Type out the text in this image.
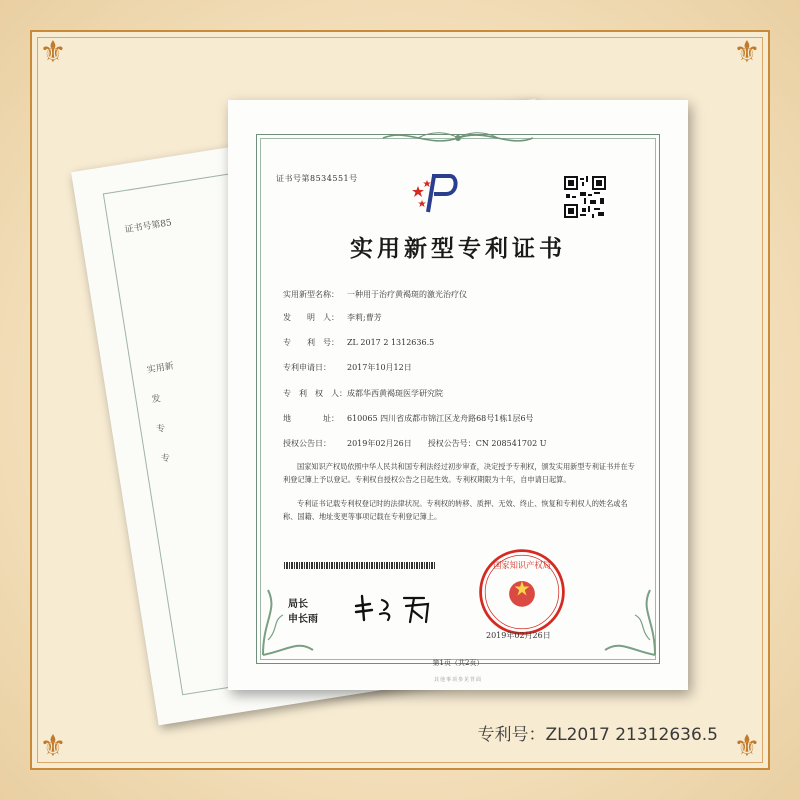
⚜	⚜
⚜	⚜
证书号第85
实用新
发
专
专
证书号第8534551号
实用新型专利证书
实用新型名称： 一种用于治疗黄褐斑的激光治疗仪
发　　明　人： 李莉;曹芳
专　　利　号： ZL 2017 2 1312636.5
专利申请日： 2017年10月12日
专　利　权　人：成都华西黄褐斑医学研究院
地　　　　址： 610065 四川省成都市锦江区龙舟路68号1栋1层6号
授权公告日： 2019年02月26日　　授权公告号：CN 208541702 U
国家知识产权局依照中华人民共和国专利法经过初步审查，决定授予专利权，颁发实用新型专利证书并在专利登记簿上予以登记。专利权自授权公告之日起生效。专利权期限为十年，自申请日起算。
专利证书记载专利权登记时的法律状况。专利权的转移、质押、无效、终止、恢复和专利权人的姓名或名称、国籍、地址变更等事项记载在专利登记簿上。
局长
申长雨
国家知识产权局
2019年02月26日
第1页（共2页）
其他事项参见背面
专利号：ZL2017 21312636.5
